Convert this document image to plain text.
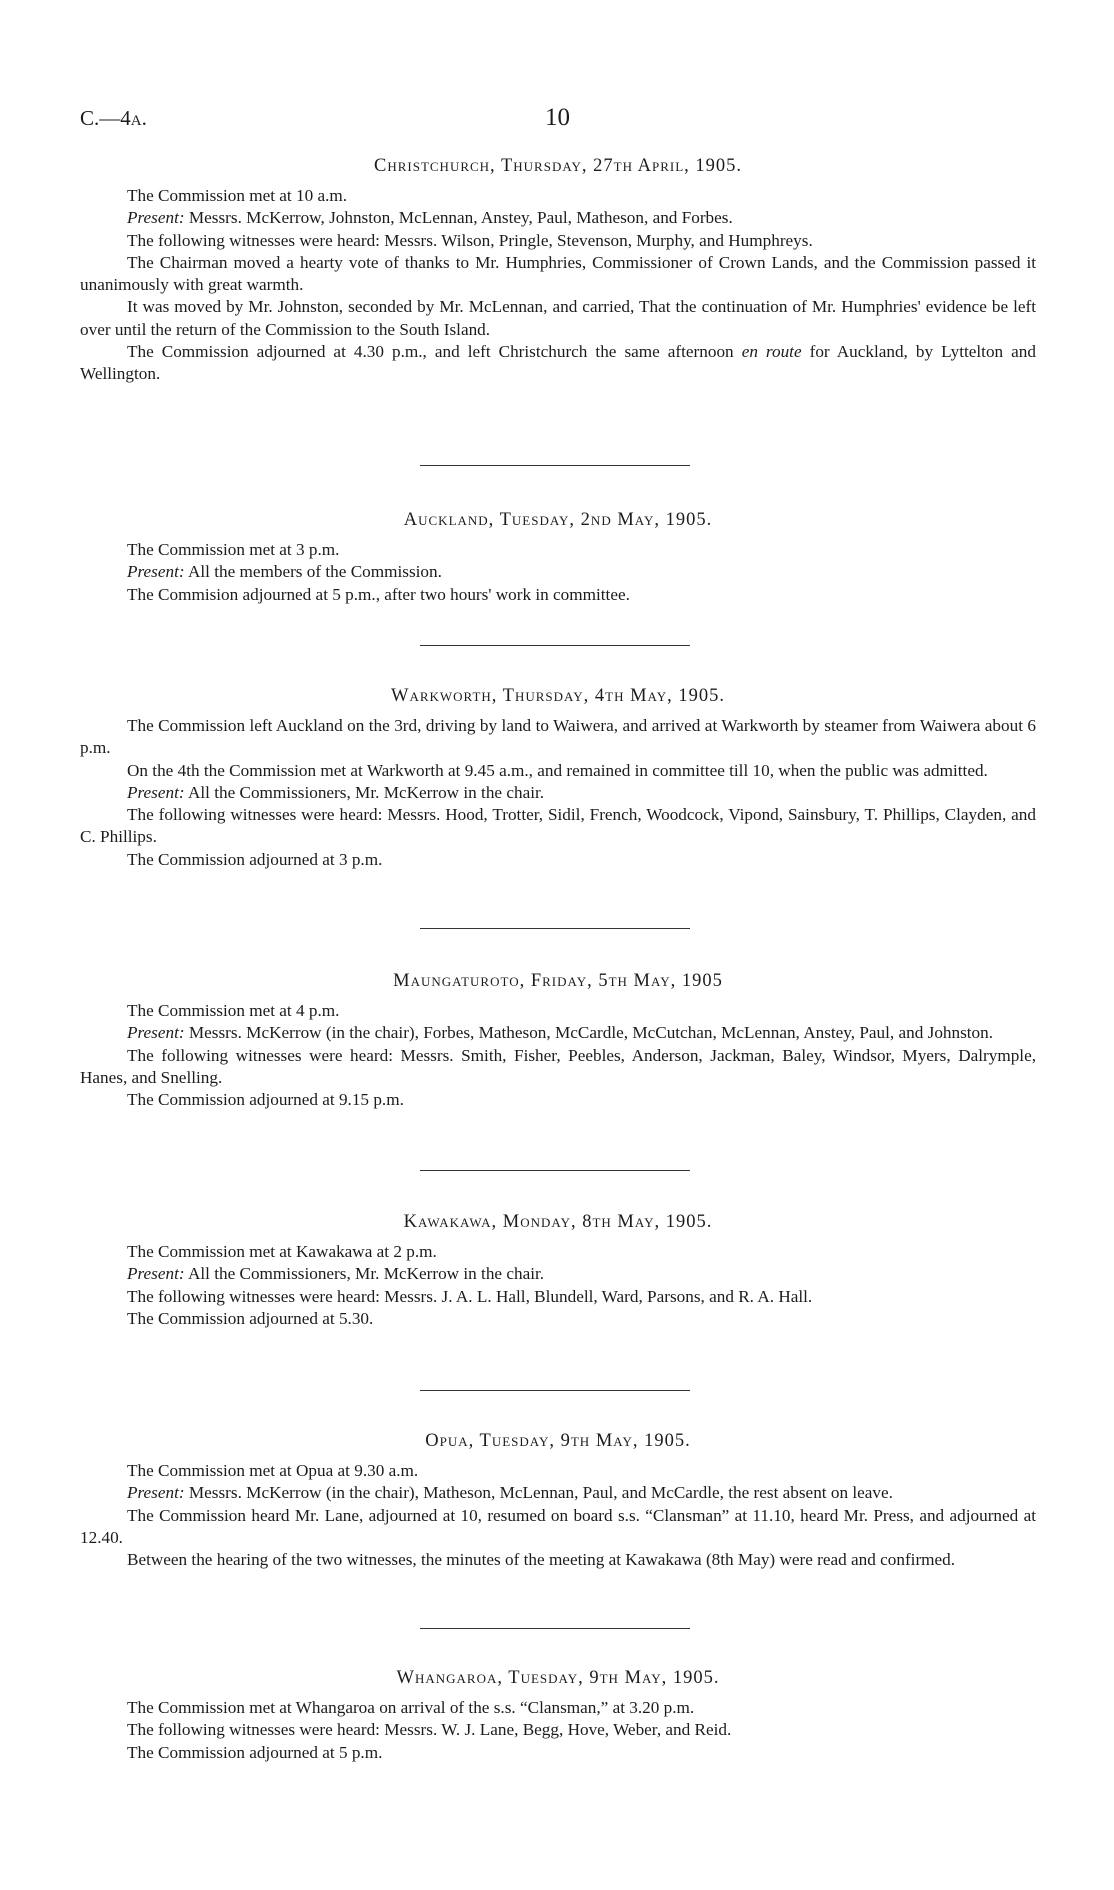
C.—4a.	10
Christchurch, Thursday, 27th April, 1905.

The Commission met at 10 a.m.

Present: Messrs. McKerrow, Johnston, McLennan, Anstey, Paul, Matheson, and Forbes.

The following witnesses were heard: Messrs. Wilson, Pringle, Stevenson, Murphy, and Humphreys.

The Chairman moved a hearty vote of thanks to Mr. Humphries, Commissioner of Crown Lands, and the Commission passed it unanimously with great warmth.

It was moved by Mr. Johnston, seconded by Mr. McLennan, and carried, That the continuation of Mr. Humphries' evidence be left over until the return of the Commission to the South Island.

The Commission adjourned at 4.30 p.m., and left Christchurch the same afternoon en route for Auckland, by Lyttelton and Wellington.

Auckland, Tuesday, 2nd May, 1905.

The Commission met at 3 p.m.

Present: All the members of the Commission.

The Commision adjourned at 5 p.m., after two hours' work in committee.

Warkworth, Thursday, 4th May, 1905.

The Commission left Auckland on the 3rd, driving by land to Waiwera, and arrived at Warkworth by steamer from Waiwera about 6 p.m.

On the 4th the Commission met at Warkworth at 9.45 a.m., and remained in committee till 10, when the public was admitted.

Present: All the Commissioners, Mr. McKerrow in the chair.

The following witnesses were heard: Messrs. Hood, Trotter, Sidil, French, Woodcock, Vipond, Sainsbury, T. Phillips, Clayden, and C. Phillips.

The Commission adjourned at 3 p.m.

Maungaturoto, Friday, 5th May, 1905

The Commission met at 4 p.m.

Present: Messrs. McKerrow (in the chair), Forbes, Matheson, McCardle, McCutchan, McLennan, Anstey, Paul, and Johnston.

The following witnesses were heard: Messrs. Smith, Fisher, Peebles, Anderson, Jackman, Baley, Windsor, Myers, Dalrymple, Hanes, and Snelling.

The Commission adjourned at 9.15 p.m.

Kawakawa, Monday, 8th May, 1905.

The Commission met at Kawakawa at 2 p.m.

Present: All the Commissioners, Mr. McKerrow in the chair.

The following witnesses were heard: Messrs. J. A. L. Hall, Blundell, Ward, Parsons, and R. A. Hall.

The Commission adjourned at 5.30.

Opua, Tuesday, 9th May, 1905.

The Commission met at Opua at 9.30 a.m.

Present: Messrs. McKerrow (in the chair), Matheson, McLennan, Paul, and McCardle, the rest absent on leave.

The Commission heard Mr. Lane, adjourned at 10, resumed on board s.s. “Clansman” at 11.10, heard Mr. Press, and adjourned at 12.40.

Between the hearing of the two witnesses, the minutes of the meeting at Kawakawa (8th May) were read and confirmed.

Whangaroa, Tuesday, 9th May, 1905.

The Commission met at Whangaroa on arrival of the s.s. “Clansman,” at 3.20 p.m.

The following witnesses were heard: Messrs. W. J. Lane, Begg, Hove, Weber, and Reid.

The Commission adjourned at 5 p.m.
